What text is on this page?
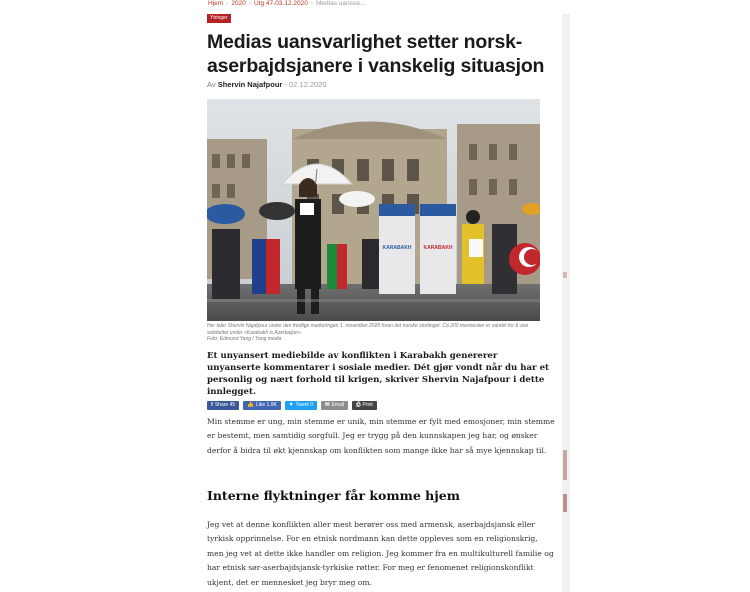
Hjem › 2020 › Utg 47-03.12.2020 › Medias uansva...
Ytringer
Medias uansvarlighet setter norsk-aserbajdsjanere i vanskelig situasjon
Av Shervin Najafpour - 02.12.2020
KARABAKH KARABAKH
Her taler Shervin Najafpour under den fredlige markeringen 1. november 2020 foran det norske stortinget. Ca 200 mennesker er samlet for å vise solidaritet under «Karabakh is Azerbaijan».
Foto: Edmond Yang / Yang media

Et unyansert mediebilde av konflikten i Karabakh genererer unyanserte kommentarer i sosiale medier. Dét gjør vondt når du har et personlig og nært forhold til krigen, skriver Shervin Najafpour i dette innlegget.

f Share 45 👍 Like 1.9K ✦ Tweet 0 ✉ Email ⎙ Print

Min stemme er ung, min stemme er unik, min stemme er fylt med emosjoner, min stemme er bestemt, men samtidig sorgfull. Jeg er trygg på den kunnskapen jeg har, og ønsker derfor å bidra til økt kjennskap om konflikten som mange ikke har så mye kjennskap til.

Interne flyktninger får komme hjem

Jeg vet at denne konflikten aller mest berører oss med armensk, aserbajdsjansk eller tyrkisk opprinnelse. For en etnisk nordmann kan dette oppleves som en religionskrig, men jeg vet at dette ikke handler om religion. Jeg kommer fra en multikulturell familie og har etnisk sør-aserbajdsjansk-tyrkiske røtter. For meg er fenomenet religionskonflikt ukjent, det er mennesket jeg bryr meg om.
